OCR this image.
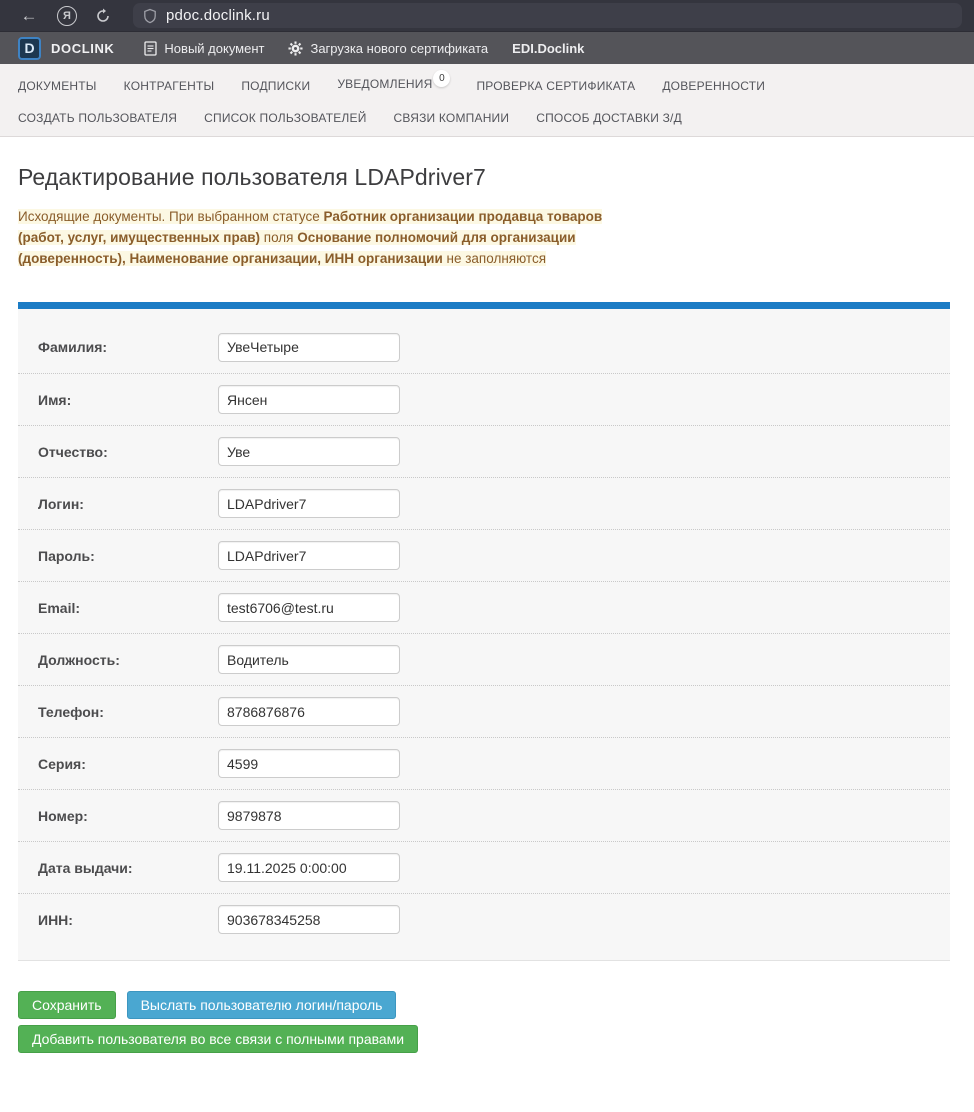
←	Я	pdoc.doclink.ru
D	DOCLINK	Новый документ	Загрузка нового сертификата EDI.Doclink
ДОКУМЕНТЫ КОНТРАГЕНТЫ ПОДПИСКИ УВЕДОМЛЕНИЯ 0	ПРОВЕРКА СЕРТИФИКАТА ДОВЕРЕННОСТИ
СОЗДАТЬ ПОЛЬЗОВАТЕЛЯ СПИСОК ПОЛЬЗОВАТЕЛЕЙ СВЯЗИ КОМПАНИИ СПОСОБ ДОСТАВКИ З/Д
Редактирование пользователя LDAPdriver7

Исходящие документы. При выбранном статусе Работник организации продавца товаров (работ, услуг, имущественных прав) поля Основание полномочий для организации (доверенность), Наименование организации, ИНН организации не заполняются

Фамилия:
УвеЧетыре
Имя:
Янсен
Отчество:
Уве
Логин:
LDAPdriver7
Пароль:
LDAPdriver7
Email:
test6706@test.ru
Должность:
Водитель
Телефон:
8786876876
Серия:
4599
Номер:
9879878
Дата выдачи:
19.11.2025 0:00:00
ИНН:
903678345258
Сохранить	Выслать пользователю логин/пароль
Добавить пользователя во все связи с полными правами
